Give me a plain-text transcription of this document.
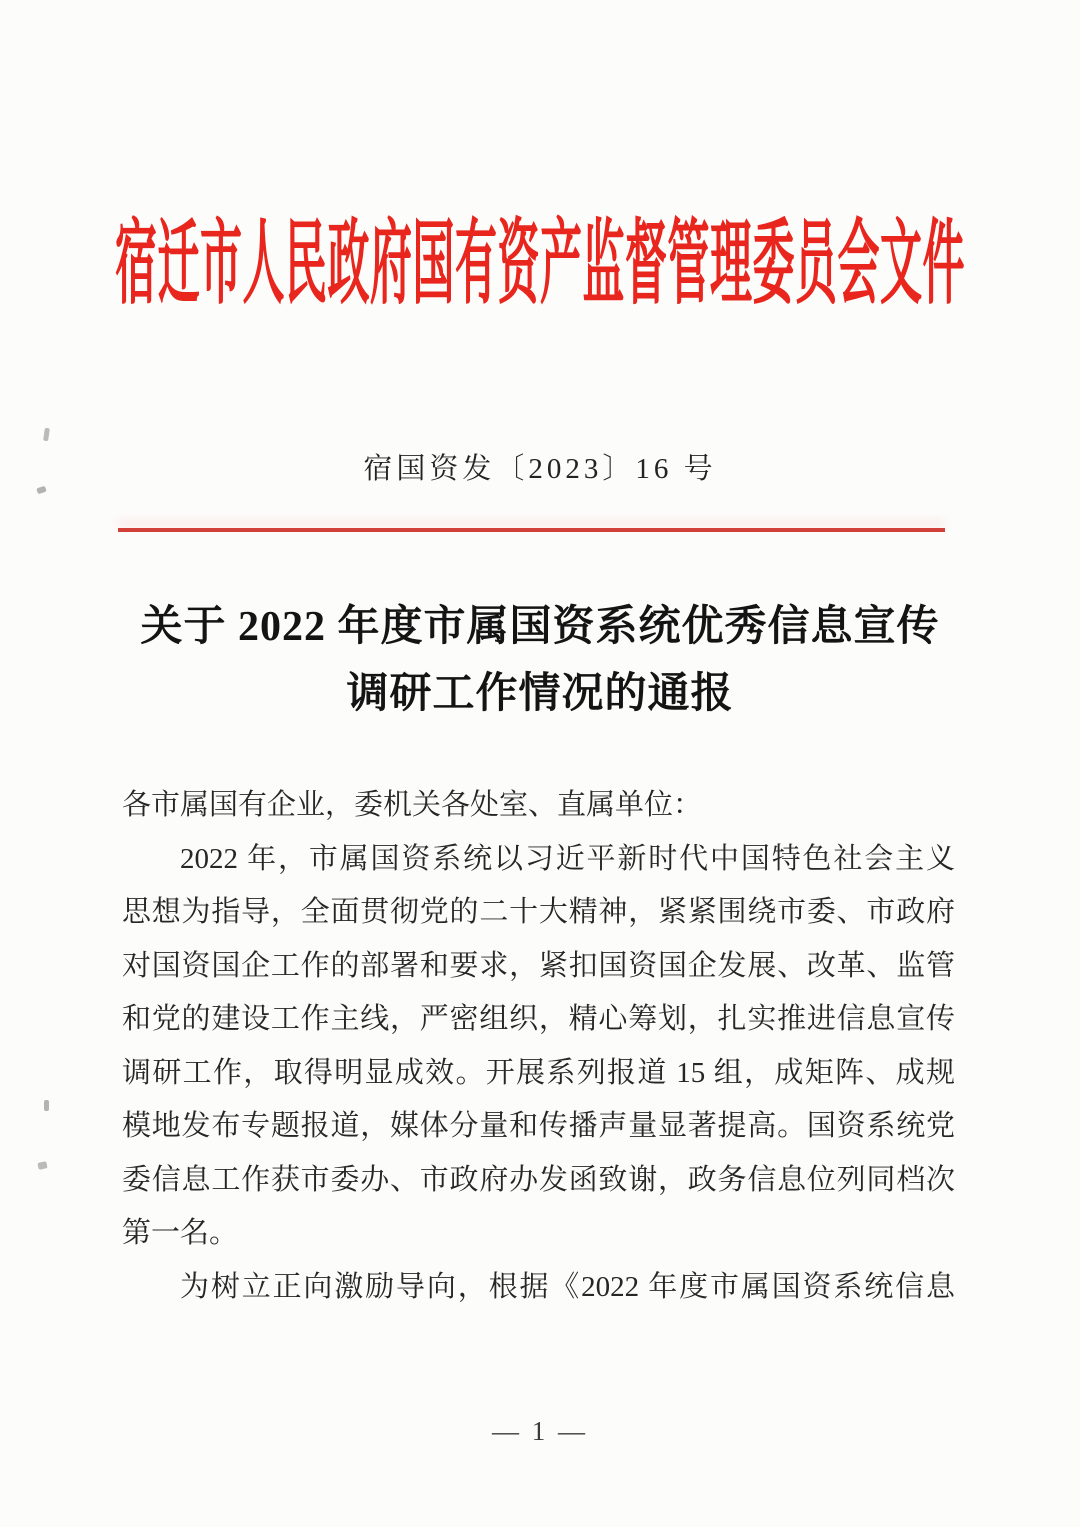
宿迁市人民政府国有资产监督管理委员会文件
宿国资发〔2023〕16 号
关于 2022 年度市属国资系统优秀信息宣传
调研工作情况的通报
各市属国有企业，委机关各处室、直属单位：
2022 年，市属国资系统以习近平新时代中国特色社会主义
思想为指导，全面贯彻党的二十大精神，紧紧围绕市委、市政府
对国资国企工作的部署和要求，紧扣国资国企发展、改革、监管
和党的建设工作主线，严密组织，精心筹划，扎实推进信息宣传
调研工作，取得明显成效。开展系列报道 15 组，成矩阵、成规
模地发布专题报道，媒体分量和传播声量显著提高。国资系统党
委信息工作获市委办、市政府办发函致谢，政务信息位列同档次
第一名。
为树立正向激励导向，根据《2022 年度市属国资系统信息
— 1 —
